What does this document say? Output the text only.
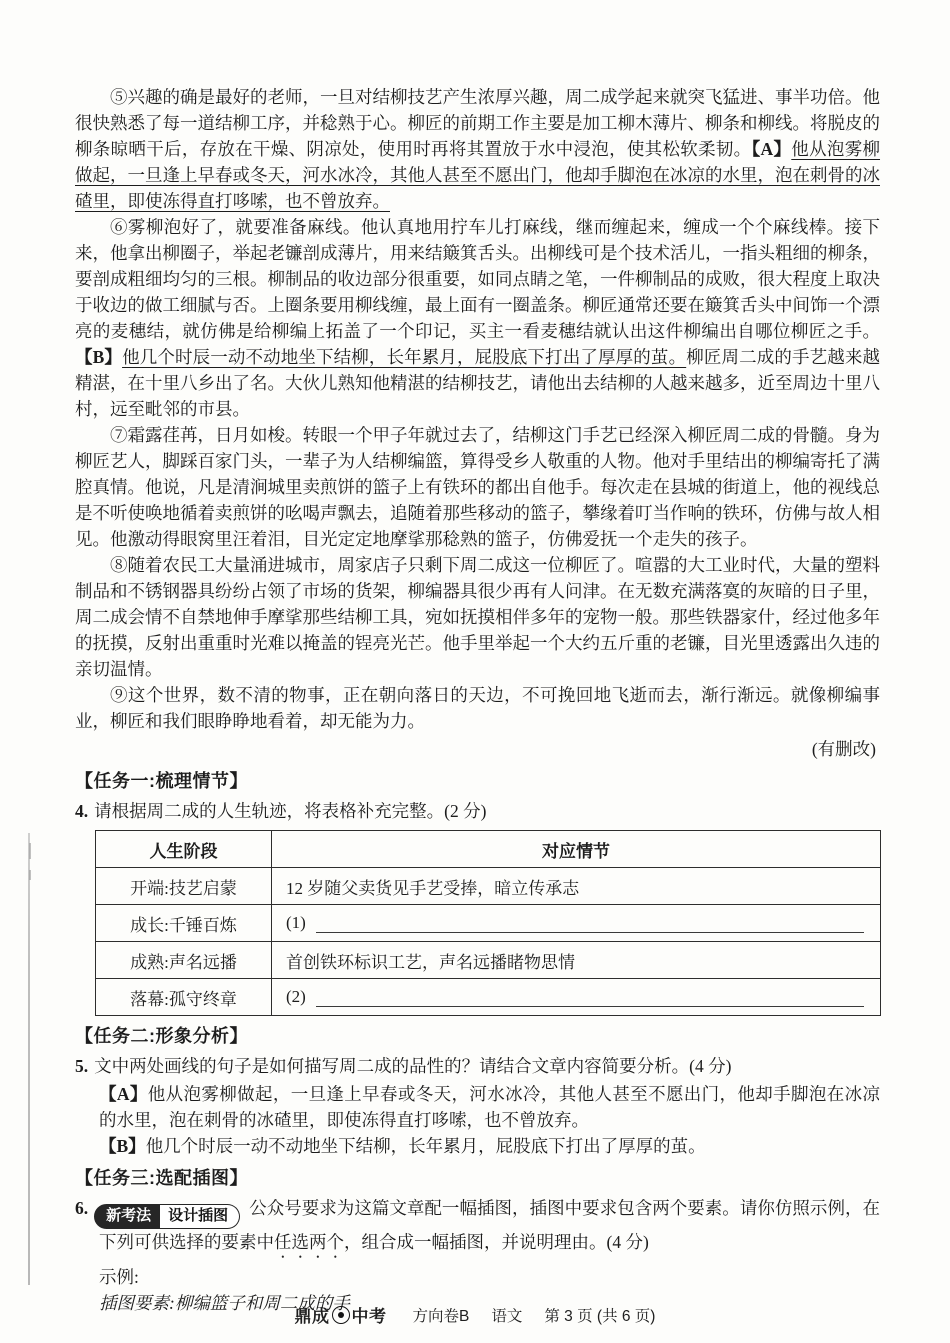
⑤兴趣的确是最好的老师，一旦对结柳技艺产生浓厚兴趣，周二成学起来就突飞猛进、事半功倍。他很快熟悉了每一道结柳工序，并稔熟于心。柳匠的前期工作主要是加工柳木薄片、柳条和柳线。将脱皮的柳条晾晒干后，存放在干燥、阴凉处，使用时再将其置放于水中浸泡，使其松软柔韧。【A】他从泡雾柳做起，一旦逢上早春或冬天，河水冰冷，其他人甚至不愿出门，他却手脚泡在冰凉的水里，泡在刺骨的冰碴里，即使冻得直打哆嗦，也不曾放弃。

⑥雾柳泡好了，就要准备麻线。他认真地用拧车儿打麻线，继而缠起来，缠成一个个麻线棒。接下来，他拿出柳圈子，举起老镰剖成薄片，用来结簸箕舌头。出柳线可是个技术活儿，一指头粗细的柳条，要剖成粗细均匀的三根。柳制品的收边部分很重要，如同点睛之笔，一件柳制品的成败，很大程度上取决于收边的做工细腻与否。上圈条要用柳线缠，最上面有一圈盖条。柳匠通常还要在簸箕舌头中间饰一个漂亮的麦穗结，就仿佛是给柳编上拓盖了一个印记，买主一看麦穗结就认出这件柳编出自哪位柳匠之手。【B】他几个时辰一动不动地坐下结柳，长年累月，屁股底下打出了厚厚的茧。柳匠周二成的手艺越来越精湛，在十里八乡出了名。大伙儿熟知他精湛的结柳技艺，请他出去结柳的人越来越多，近至周边十里八村，远至毗邻的市县。

⑦霜露荏苒，日月如梭。转眼一个甲子年就过去了，结柳这门手艺已经深入柳匠周二成的骨髓。身为柳匠艺人，脚踩百家门头，一辈子为人结柳编篮，算得受乡人敬重的人物。他对手里结出的柳编寄托了满腔真情。他说，凡是清涧城里卖煎饼的篮子上有铁环的都出自他手。每次走在县城的街道上，他的视线总是不听使唤地循着卖煎饼的吆喝声飘去，追随着那些移动的篮子，攀缘着叮当作响的铁环，仿佛与故人相见。他激动得眼窝里汪着泪，目光定定地摩挲那稔熟的篮子，仿佛爱抚一个走失的孩子。

⑧随着农民工大量涌进城市，周家店子只剩下周二成这一位柳匠了。喧嚣的大工业时代，大量的塑料制品和不锈钢器具纷纷占领了市场的货架，柳编器具很少再有人问津。在无数充满落寞的灰暗的日子里，周二成会情不自禁地伸手摩挲那些结柳工具，宛如抚摸相伴多年的宠物一般。那些铁器家什，经过他多年的抚摸，反射出重重时光难以掩盖的锃亮光芒。他手里举起一个大约五斤重的老镰，目光里透露出久违的亲切温情。

⑨这个世界，数不清的物事，正在朝向落日的天边，不可挽回地飞逝而去，渐行渐远。就像柳编事业，柳匠和我们眼睁睁地看着，却无能为力。

(有删改)
【任务一:梳理情节】

4. 请根据周二成的人生轨迹，将表格补充完整。(2 分)

人生阶段	对应情节
开端:技艺启蒙	12 岁随父卖货见手艺受捧，暗立传承志
成长:千锤百炼	(1)

成熟:声名远播	首创铁环标识工艺，声名远播睹物思情
落幕:孤守终章	(2)
【任务二:形象分析】

5. 文中两处画线的句子是如何描写周二成的品性的？请结合文章内容简要分析。(4 分)

【A】他从泡雾柳做起，一旦逢上早春或冬天，河水冰冷，其他人甚至不愿出门，他却手脚泡在冰凉的水里，泡在刺骨的冰碴里，即使冻得直打哆嗦，也不曾放弃。

【B】他几个时辰一动不动地坐下结柳，长年累月，屁股底下打出了厚厚的茧。

【任务三:选配插图】

6.	新考法	设计插图	公众号要求为这篇文章配一幅插图，插图中要求包含两个要素。请你仿照示例，在下列可供选择的要素中任选两个，组合成一幅插图，并说明理由。(4 分)

示例:

插图要素:柳编篮子和周二成的手

鼎成 中考 方向卷B 语文 第 3 页 (共 6 页)
